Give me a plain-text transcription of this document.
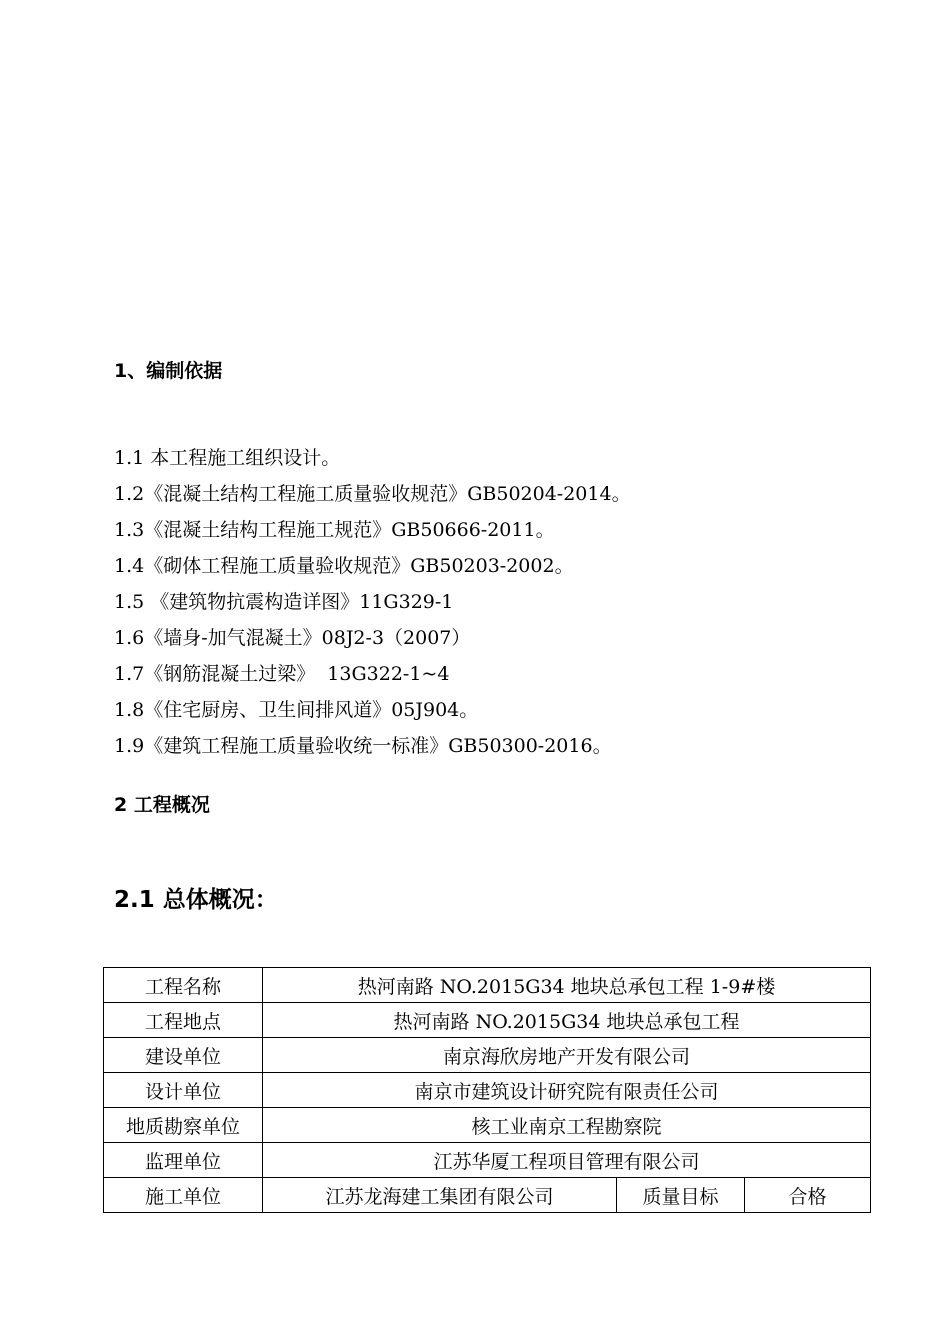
1、编制依据
1.1 本工程施工组织设计。
1.2《混凝土结构工程施工质量验收规范》GB50204-2014。
1.3《混凝土结构工程施工规范》GB50666-2011。
1.4《砌体工程施工质量验收规范》GB50203-2002。
1.5 《建筑物抗震构造详图》11G329-1
1.6《墙身-加气混凝土》08J2-3（2007）
1.7《钢筋混凝土过梁》  13G322-1~4
1.8《住宅厨房、卫生间排风道》05J904。
1.9《建筑工程施工质量验收统一标准》GB50300-2016。
2 工程概况
2.1 总体概况：
工程名称	热河南路 NO.2015G34 地块总承包工程 1-9#楼		
工程地点	热河南路 NO.2015G34 地块总承包工程		
建设单位	南京海欣房地产开发有限公司		
设计单位	南京市建筑设计研究院有限责任公司		
地质勘察单位	核工业南京工程勘察院		
监理单位	江苏华厦工程项目管理有限公司		
施工单位	江苏龙海建工集团有限公司	质量目标	合格
